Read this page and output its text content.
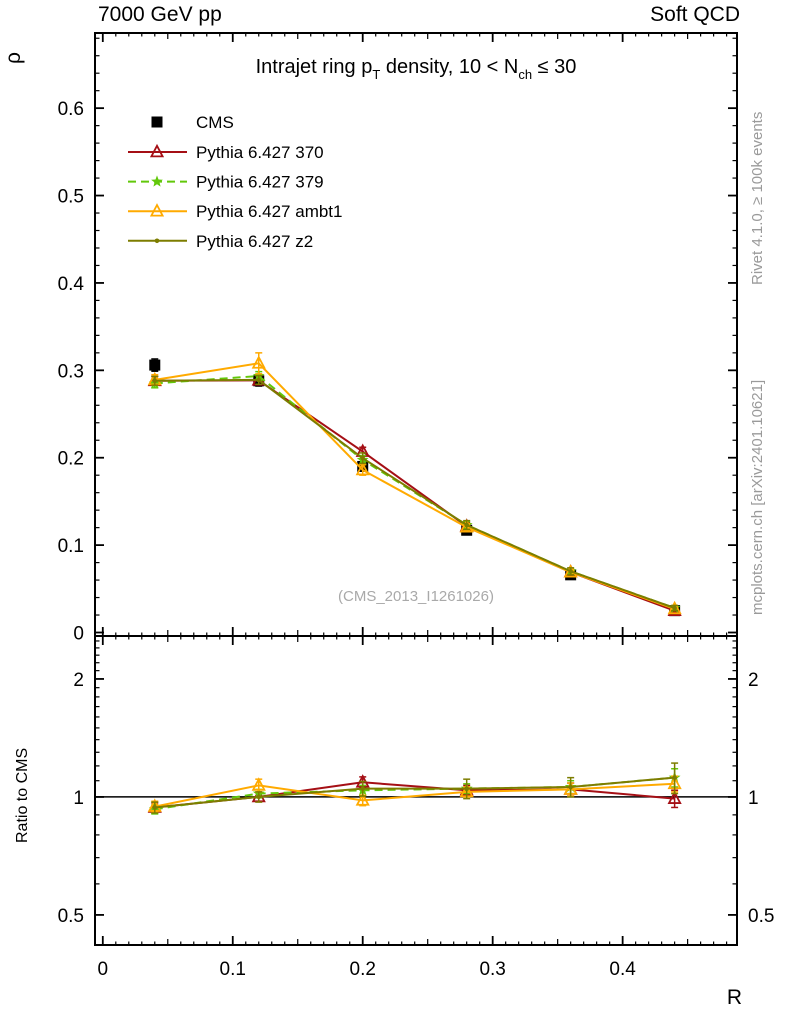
7000 GeV pp	Soft QCD
ρ
Ratio to CMS
Rivet 4.1.0, ≥ 100k events
mcplots.cern.ch [arXiv:2401.10621]
Intrajet ring pT density, 10 < Nch ≤ 30
(CMS_2013_I1261026)
R
0
0.1
0.2
0.3
0.4
0.5
0.6
0.5	0.5
1	1
2	2
0	0.1	0.2	0.3	0.4
CMS
Pythia 6.427 370
Pythia 6.427 379
Pythia 6.427 ambt1
Pythia 6.427 z2
